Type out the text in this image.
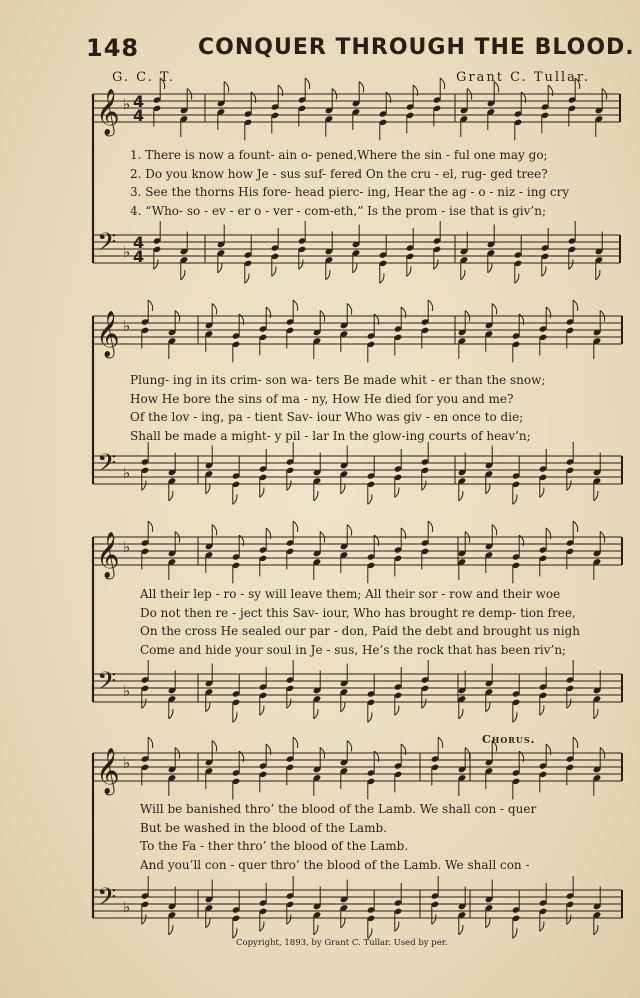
148	CONQUER THROUGH THE BLOOD.
G. C. T.	Grant C. Tullar.
Chorus.
𝄞
𝄢
♭
♭
4
4
4
4
𝄞
𝄢
♭
♭
𝄞
𝄢
♭
♭
𝄞
𝄢
♭
♭
1. There is now a fount- ain o- pened,Where the sin - ful one may go;
2. Do you know how Je - sus suf- fered On the cru - el, rug- ged tree?
3. See the thorns His fore- head pierc- ing, Hear the ag - o - niz - ing cry
4. “Who- so - ev - er o - ver - com-eth,” Is the prom - ise that is giv’n;
Plung- ing in its crim- son wa- ters Be made whit - er than the snow;
How He bore the sins of ma - ny, How He died for you and me?
Of the lov - ing, pa - tient Sav- iour Who was giv - en once to die;
Shall be made a might- y pil - lar In the glow-ing courts of heav’n;
All their lep - ro - sy will leave them; All their sor - row and their woe
Do not then re - ject this Sav- iour, Who has brought re demp- tion free,
On the cross He sealed our par - don, Paid the debt and brought us nigh
Come and hide your soul in Je - sus, He’s the rock that has been riv’n;
Will be banished thro’ the blood of the Lamb. We shall con - quer
But be washed in the blood of the Lamb.
To the Fa - ther thro’ the blood of the Lamb.
And you’ll con - quer thro’ the blood of the Lamb. We shall con -
Copyright, 1893, by Grant C. Tullar. Used by per.
